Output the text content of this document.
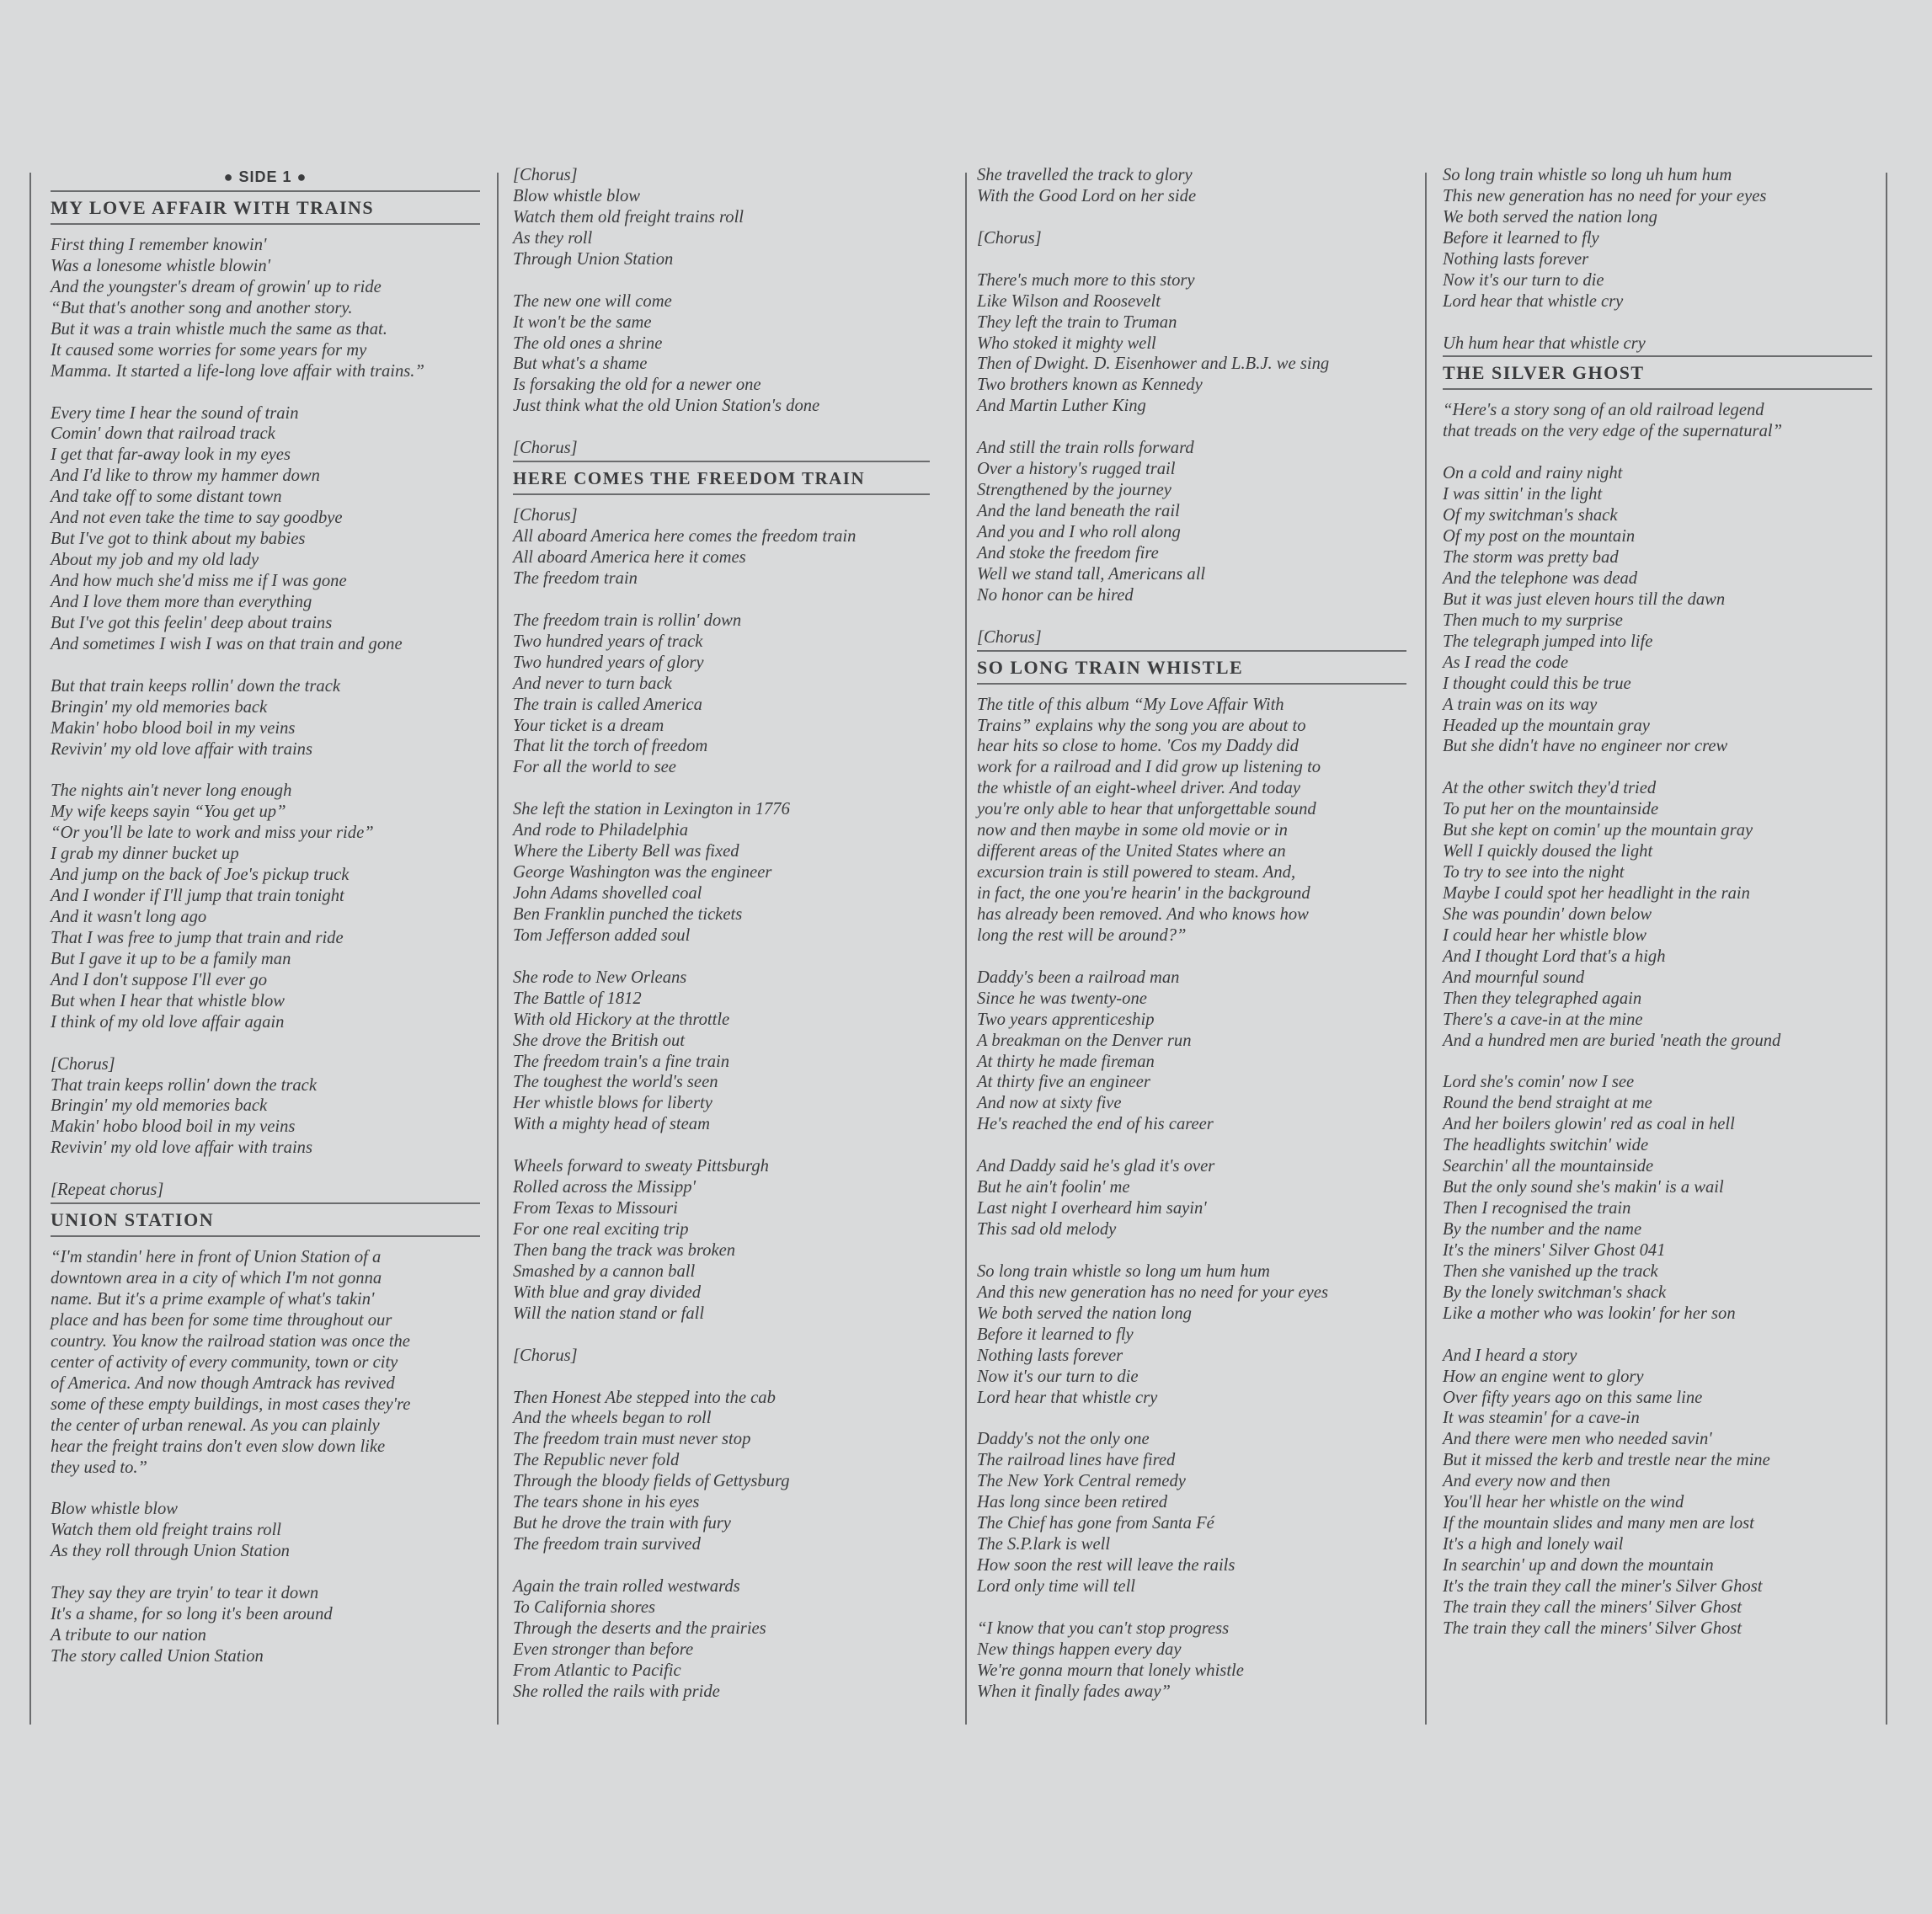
● SIDE 1 ●
MY LOVE AFFAIR WITH TRAINS
First thing I remember knowin'
Was a lonesome whistle blowin'
And the youngster's dream of growin' up to ride
“But that's another song and another story.
But it was a train whistle much the same as that.
It caused some worries for some years for my
Mamma. It started a life-long love affair with trains.”
Every time I hear the sound of train
Comin' down that railroad track
I get that far-away look in my eyes
And I'd like to throw my hammer down
And take off to some distant town
And not even take the time to say goodbye
But I've got to think about my babies
About my job and my old lady
And how much she'd miss me if I was gone
And I love them more than everything
But I've got this feelin' deep about trains
And sometimes I wish I was on that train and gone
But that train keeps rollin' down the track
Bringin' my old memories back
Makin' hobo blood boil in my veins
Revivin' my old love affair with trains
The nights ain't never long enough
My wife keeps sayin “You get up”
“Or you'll be late to work and miss your ride”
I grab my dinner bucket up
And jump on the back of Joe's pickup truck
And I wonder if I'll jump that train tonight
And it wasn't long ago
That I was free to jump that train and ride
But I gave it up to be a family man
And I don't suppose I'll ever go
But when I hear that whistle blow
I think of my old love affair again
[Chorus]
That train keeps rollin' down the track
Bringin' my old memories back
Makin' hobo blood boil in my veins
Revivin' my old love affair with trains
[Repeat chorus]
UNION STATION
“I'm standin' here in front of Union Station of a
downtown area in a city of which I'm not gonna
name. But it's a prime example of what's takin'
place and has been for some time throughout our
country. You know the railroad station was once the
center of activity of every community, town or city
of America. And now though Amtrack has revived
some of these empty buildings, in most cases they're
the center of urban renewal. As you can plainly
hear the freight trains don't even slow down like
they used to.”
Blow whistle blow
Watch them old freight trains roll
As they roll through Union Station
They say they are tryin' to tear it down
It's a shame, for so long it's been around
A tribute to our nation
The story called Union Station
[Chorus]
Blow whistle blow
Watch them old freight trains roll
As they roll
Through Union Station
The new one will come
It won't be the same
The old ones a shrine
But what's a shame
Is forsaking the old for a newer one
Just think what the old Union Station's done
[Chorus]
HERE COMES THE FREEDOM TRAIN
[Chorus]
All aboard America here comes the freedom train
All aboard America here it comes
The freedom train
The freedom train is rollin' down
Two hundred years of track
Two hundred years of glory
And never to turn back
The train is called America
Your ticket is a dream
That lit the torch of freedom
For all the world to see
She left the station in Lexington in 1776
And rode to Philadelphia
Where the Liberty Bell was fixed
George Washington was the engineer
John Adams shovelled coal
Ben Franklin punched the tickets
Tom Jefferson added soul
She rode to New Orleans
The Battle of 1812
With old Hickory at the throttle
She drove the British out
The freedom train's a fine train
The toughest the world's seen
Her whistle blows for liberty
With a mighty head of steam
Wheels forward to sweaty Pittsburgh
Rolled across the Missipp'
From Texas to Missouri
For one real exciting trip
Then bang the track was broken
Smashed by a cannon ball
With blue and gray divided
Will the nation stand or fall
[Chorus]
Then Honest Abe stepped into the cab
And the wheels began to roll
The freedom train must never stop
The Republic never fold
Through the bloody fields of Gettysburg
The tears shone in his eyes
But he drove the train with fury
The freedom train survived
Again the train rolled westwards
To California shores
Through the deserts and the prairies
Even stronger than before
From Atlantic to Pacific
She rolled the rails with pride
She travelled the track to glory
With the Good Lord on her side
[Chorus]
There's much more to this story
Like Wilson and Roosevelt
They left the train to Truman
Who stoked it mighty well
Then of Dwight. D. Eisenhower and L.B.J. we sing
Two brothers known as Kennedy
And Martin Luther King
And still the train rolls forward
Over a history's rugged trail
Strengthened by the journey
And the land beneath the rail
And you and I who roll along
And stoke the freedom fire
Well we stand tall, Americans all
No honor can be hired
[Chorus]
SO LONG TRAIN WHISTLE
The title of this album “My Love Affair With
Trains” explains why the song you are about to
hear hits so close to home. 'Cos my Daddy did
work for a railroad and I did grow up listening to
the whistle of an eight-wheel driver. And today
you're only able to hear that unforgettable sound
now and then maybe in some old movie or in
different areas of the United States where an
excursion train is still powered to steam. And,
in fact, the one you're hearin' in the background
has already been removed. And who knows how
long the rest will be around?”
Daddy's been a railroad man
Since he was twenty-one
Two years apprenticeship
A breakman on the Denver run
At thirty he made fireman
At thirty five an engineer
And now at sixty five
He's reached the end of his career
And Daddy said he's glad it's over
But he ain't foolin' me
Last night I overheard him sayin'
This sad old melody
So long train whistle so long um hum hum
And this new generation has no need for your eyes
We both served the nation long
Before it learned to fly
Nothing lasts forever
Now it's our turn to die
Lord hear that whistle cry
Daddy's not the only one
The railroad lines have fired
The New York Central remedy
Has long since been retired
The Chief has gone from Santa Fé
The S.P.lark is well
How soon the rest will leave the rails
Lord only time will tell
“I know that you can't stop progress
New things happen every day
We're gonna mourn that lonely whistle
When it finally fades away”
So long train whistle so long uh hum hum
This new generation has no need for your eyes
We both served the nation long
Before it learned to fly
Nothing lasts forever
Now it's our turn to die
Lord hear that whistle cry
Uh hum hear that whistle cry
THE SILVER GHOST
“Here's a story song of an old railroad legend
that treads on the very edge of the supernatural”
On a cold and rainy night
I was sittin' in the light
Of my switchman's shack
Of my post on the mountain
The storm was pretty bad
And the telephone was dead
But it was just eleven hours till the dawn
Then much to my surprise
The telegraph jumped into life
As I read the code
I thought could this be true
A train was on its way
Headed up the mountain gray
But she didn't have no engineer nor crew
At the other switch they'd tried
To put her on the mountainside
But she kept on comin' up the mountain gray
Well I quickly doused the light
To try to see into the night
Maybe I could spot her headlight in the rain
She was poundin' down below
I could hear her whistle blow
And I thought Lord that's a high
And mournful sound
Then they telegraphed again
There's a cave-in at the mine
And a hundred men are buried 'neath the ground
Lord she's comin' now I see
Round the bend straight at me
And her boilers glowin' red as coal in hell
The headlights switchin' wide
Searchin' all the mountainside
But the only sound she's makin' is a wail
Then I recognised the train
By the number and the name
It's the miners' Silver Ghost 041
Then she vanished up the track
By the lonely switchman's shack
Like a mother who was lookin' for her son
And I heard a story
How an engine went to glory
Over fifty years ago on this same line
It was steamin' for a cave-in
And there were men who needed savin'
But it missed the kerb and trestle near the mine
And every now and then
You'll hear her whistle on the wind
If the mountain slides and many men are lost
It's a high and lonely wail
In searchin' up and down the mountain
It's the train they call the miner's Silver Ghost
The train they call the miners' Silver Ghost
The train they call the miners' Silver Ghost
